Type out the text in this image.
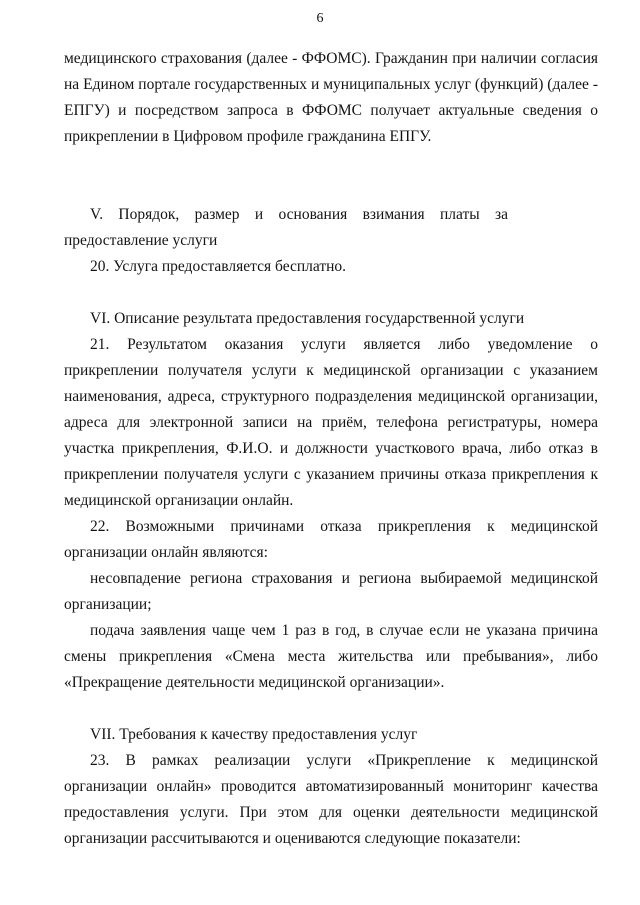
6

медицинского страхования (далее - ФФОМС). Гражданин при наличии согласия на Едином портале государственных и муниципальных услуг (функций) (далее - ЕПГУ) и посредством запроса в ФФОМС получает актуальные сведения о прикреплении в Цифровом профиле гражданина ЕПГУ.

V. Порядок, размер и основания взимания платы за предоставление услуги

20. Услуга предоставляется бесплатно.

VI. Описание результата предоставления государственной услуги

21. Результатом оказания услуги является либо уведомление о прикреплении получателя услуги к медицинской организации с указанием наименования, адреса, структурного подразделения медицинской организации, адреса для электронной записи на приём, телефона регистратуры, номера участка прикрепления, Ф.И.О. и должности участкового врача, либо отказ в прикреплении получателя услуги с указанием причины отказа прикрепления к медицинской организации онлайн.

22. Возможными причинами отказа прикрепления к медицинской организации онлайн являются:

несовпадение региона страхования и региона выбираемой медицинской организации;

подача заявления чаще чем 1 раз в год, в случае если не указана причина смены прикрепления «Смена места жительства или пребывания», либо «Прекращение деятельности медицинской организации».

VII. Требования к качеству предоставления услуг

23. В рамках реализации услуги «Прикрепление к медицинской организации онлайн» проводится автоматизированный мониторинг качества предоставления услуги. При этом для оценки деятельности медицинской организации рассчитываются и оцениваются следующие показатели:
